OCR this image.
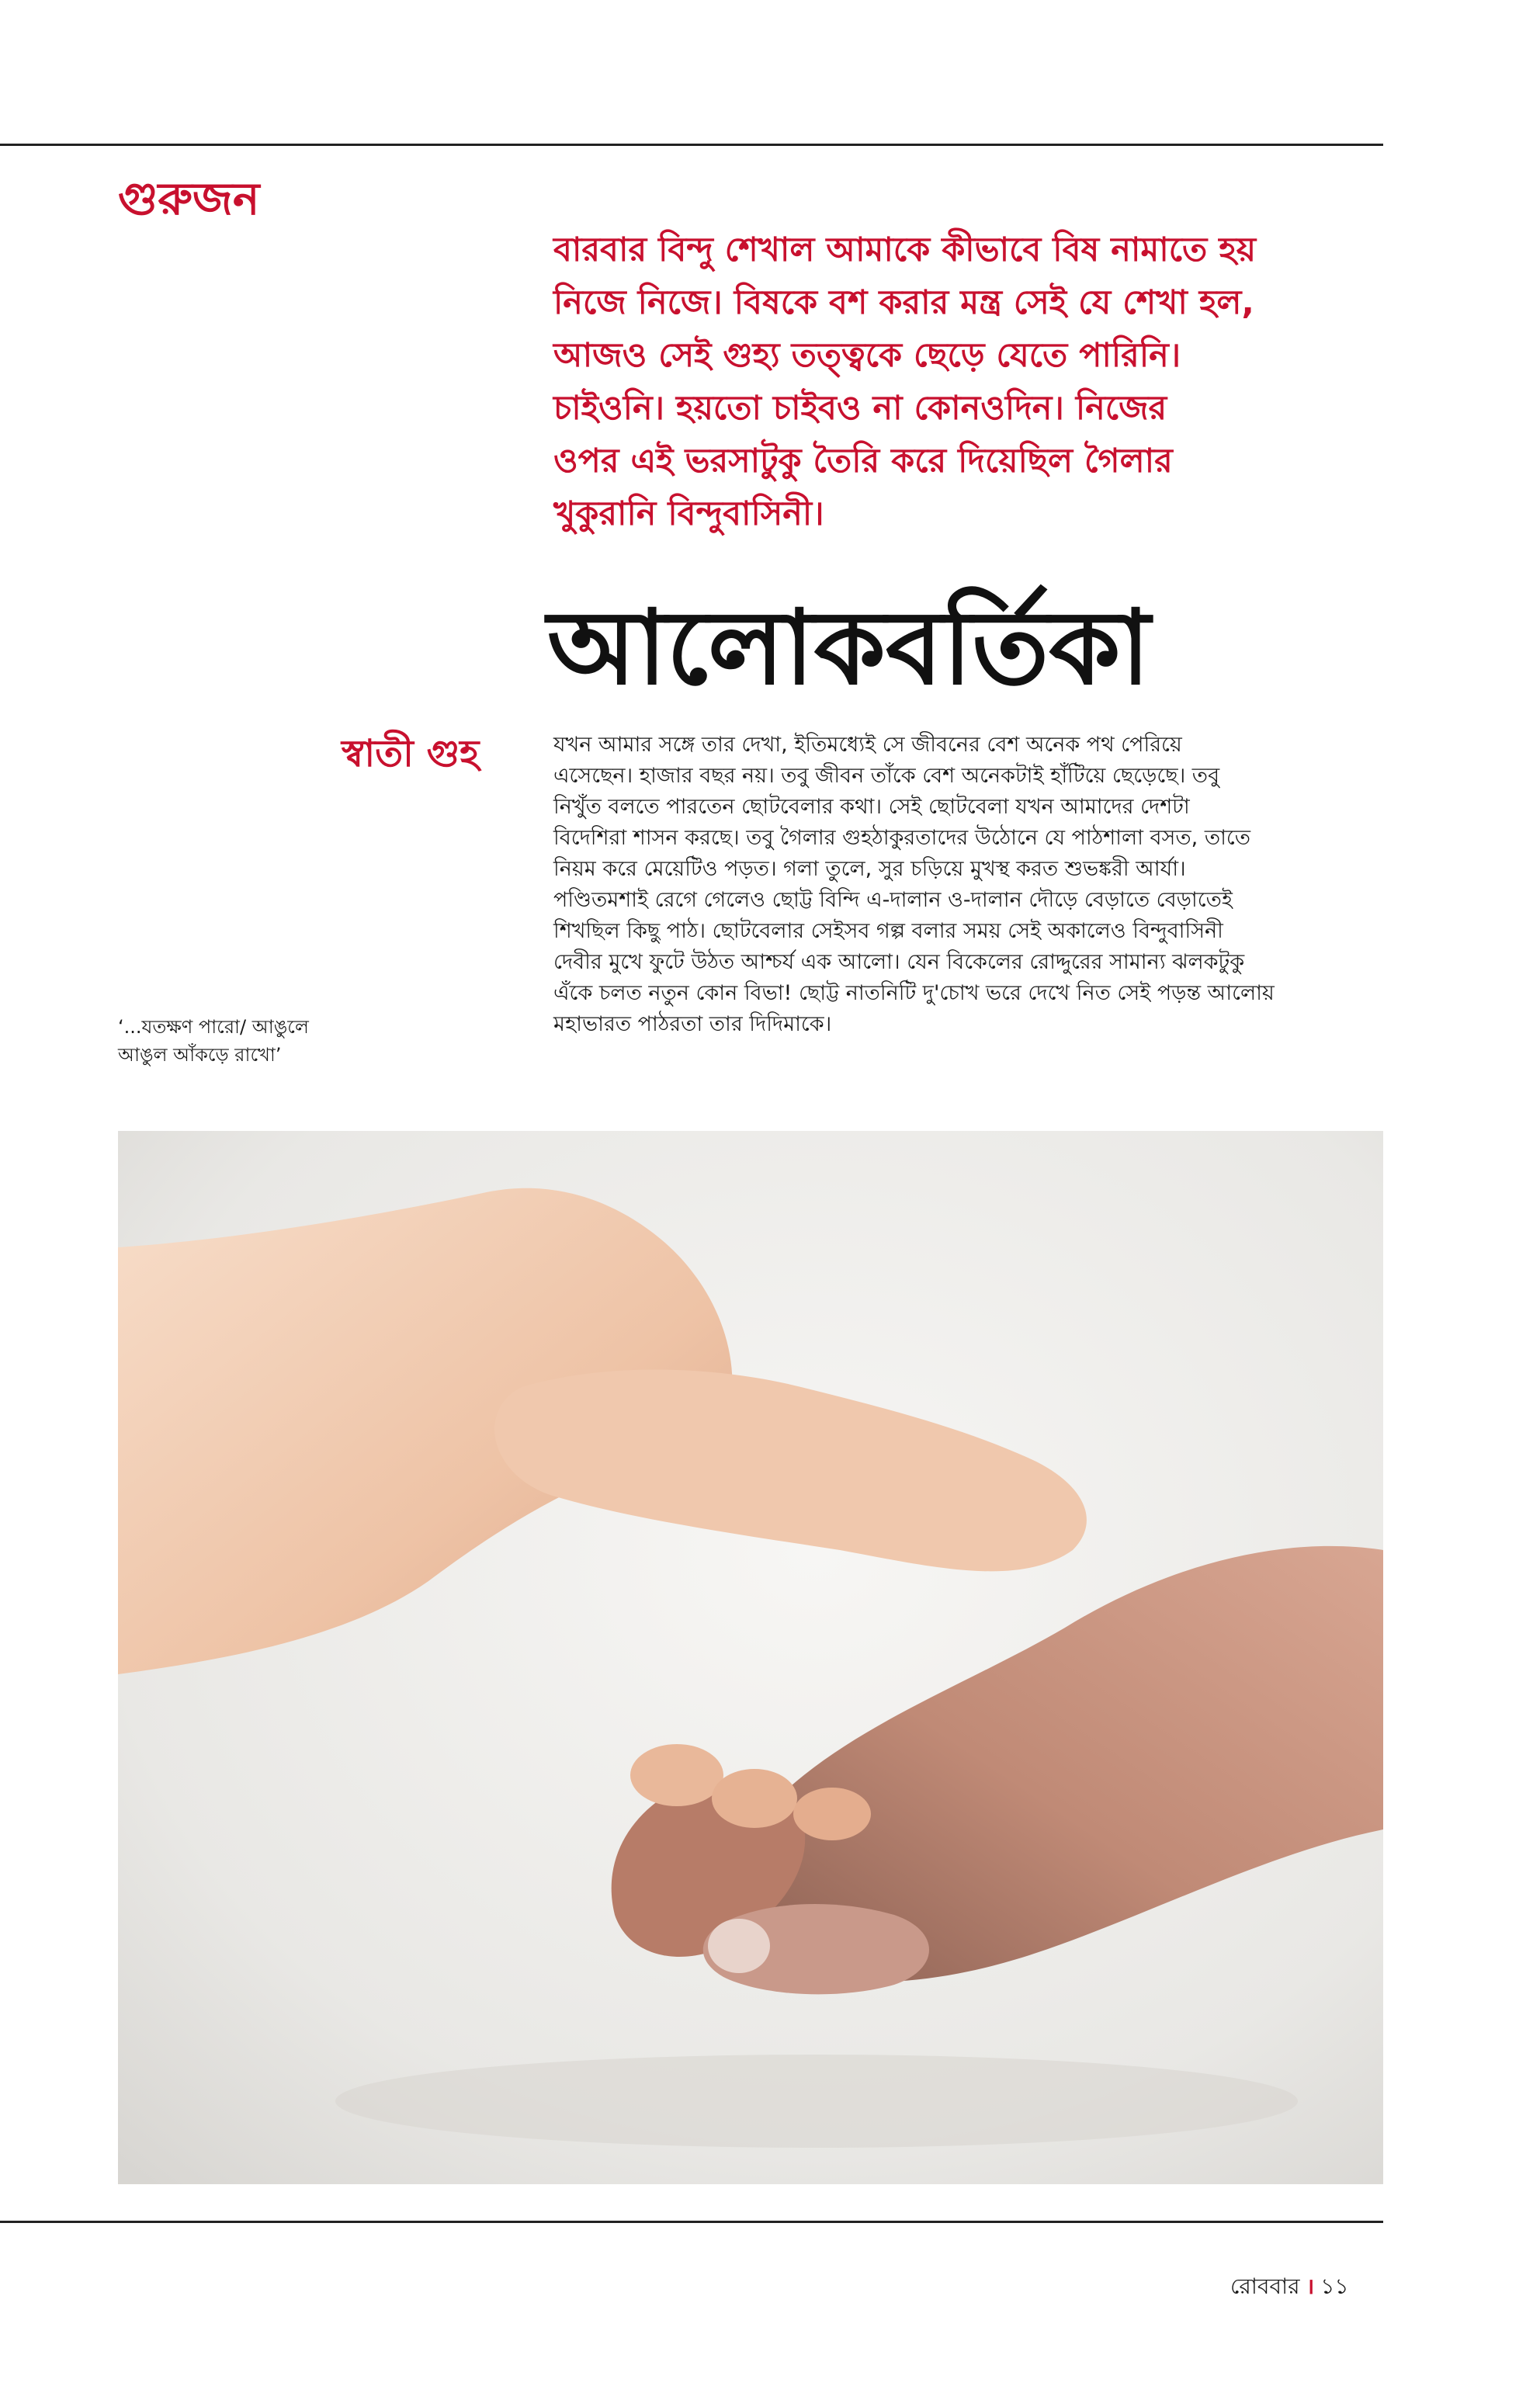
গুরুজন
বারবার বিন্দু শেখাল আমাকে কীভাবে বিষ নামাতে হয়
নিজে নিজে। বিষকে বশ করার মন্ত্র সেই যে শেখা হল,
আজও সেই গুহ্য তত্ত্বকে ছেড়ে যেতে পারিনি।
চাইওনি। হয়তো চাইবও না কোনওদিন। নিজের
ওপর এই ভরসাটুকু তৈরি করে দিয়েছিল গৈলার
খুকুরানি বিন্দুবাসিনী।
আলোকবর্তিকা
স্বাতী গুহ	যখন আমার সঙ্গে তার দেখা, ইতিমধ্যেই সে জীবনের বেশ অনেক পথ পেরিয়ে
এসেছেন। হাজার বছর নয়। তবু জীবন তাঁকে বেশ অনেকটাই হাঁটিয়ে ছেড়েছে। তবু
নিখুঁত বলতে পারতেন ছোটবেলার কথা। সেই ছোটবেলা যখন আমাদের দেশটা
বিদেশিরা শাসন করছে। তবু গৈলার গুহঠাকুরতাদের উঠোনে যে পাঠশালা বসত, তাতে
নিয়ম করে মেয়েটিও পড়ত। গলা তুলে, সুর চড়িয়ে মুখস্থ করত শুভঙ্করী আর্যা।
পণ্ডিতমশাই রেগে গেলেও ছোট্ট বিন্দি এ-দালান ও-দালান দৌড়ে বেড়াতে বেড়াতেই
শিখছিল কিছু পাঠ। ছোটবেলার সেইসব গল্প বলার সময় সেই অকালেও বিন্দুবাসিনী
দেবীর মুখে ফুটে উঠত আশ্চর্য এক আলো। যেন বিকেলের রোদ্দুরের সামান্য ঝলকটুকু
এঁকে চলত নতুন কোন বিভা! ছোট্ট নাতনিটি দু'চোখ ভরে দেখে নিত সেই পড়ন্ত আলোয়
মহাভারত পাঠরতা তার দিদিমাকে।
‘...যতক্ষণ পারো/ আঙুলে
আঙুল আঁকড়ে রাখো’
রোববার । ১১
